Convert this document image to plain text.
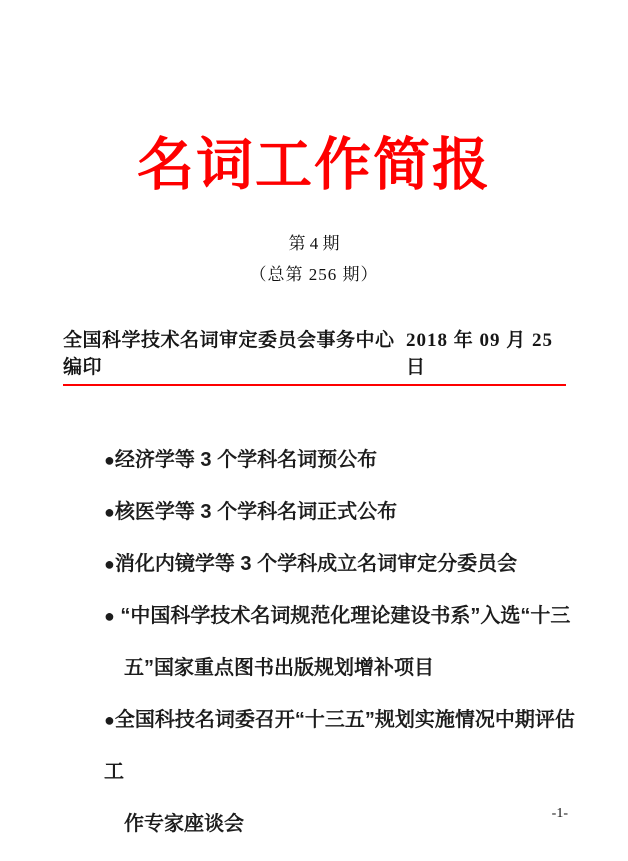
名词工作简报
第 4 期
（总第 256 期）
全国科学技术名词审定委员会事务中心编印
2018 年 09 月 25 日
●经济学等 3 个学科名词预公布
●核医学等 3 个学科名词正式公布
●消化内镜学等 3 个学科成立名词审定分委员会
● “中国科学技术名词规范化理论建设书系”入选“十三
五”国家重点图书出版规划增补项目
●全国科技名词委召开“十三五”规划实施情况中期评估工
作专家座谈会	-1-
